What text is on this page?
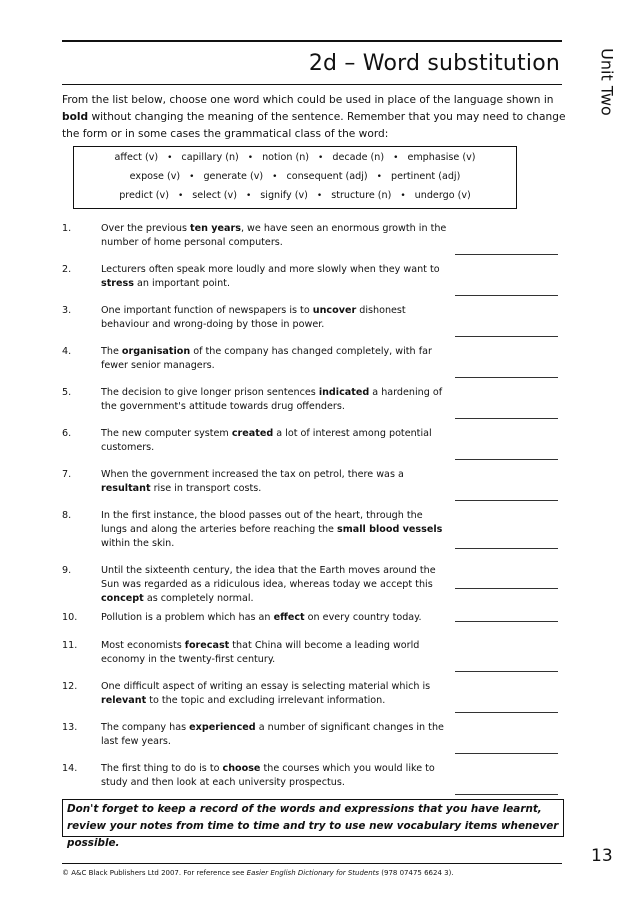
2d – Word substitution Unit Two
From the list below, choose one word which could be used in place of the language shown in bold without changing the meaning of the sentence. Remember that you may need to change the form or in some cases the grammatical class of the word:
affect (v) • capillary (n) • notion (n) • decade (n) • emphasise (v)
expose (v) • generate (v) • consequent (adj) • pertinent (adj)
predict (v) • select (v) • signify (v) • structure (n) • undergo (v)
1.	Over the previous ten years, we have seen an enormous growth in the number of home personal computers.
2.	Lecturers often speak more loudly and more slowly when they want to stress an important point.
3.	One important function of newspapers is to uncover dishonest behaviour and wrong-doing by those in power.
4.	The organisation of the company has changed completely, with far fewer senior managers.
5.	The decision to give longer prison sentences indicated a hardening of the government's attitude towards drug offenders.
6.	The new computer system created a lot of interest among potential customers.
7.	When the government increased the tax on petrol, there was a resultant rise in transport costs.
8.	In the first instance, the blood passes out of the heart, through the lungs and along the arteries before reaching the small blood vessels within the skin.
9.	Until the sixteenth century, the idea that the Earth moves around the Sun was regarded as a ridiculous idea, whereas today we accept this concept as completely normal.
10. Pollution is a problem which has an effect on every country today.
11. Most economists forecast that China will become a leading world economy in the twenty-first century.
12. One difficult aspect of writing an essay is selecting material which is relevant to the topic and excluding irrelevant information.
13. The company has experienced a number of significant changes in the last few years.
14. The first thing to do is to choose the courses which you would like to study and then look at each university prospectus.
Don't forget to keep a record of the words and expressions that you have learnt, review your notes from time to time and try to use new vocabulary items whenever possible.
13
© A&C Black Publishers Ltd 2007. For reference see Easier English Dictionary for Students (978 07475 6624 3).
